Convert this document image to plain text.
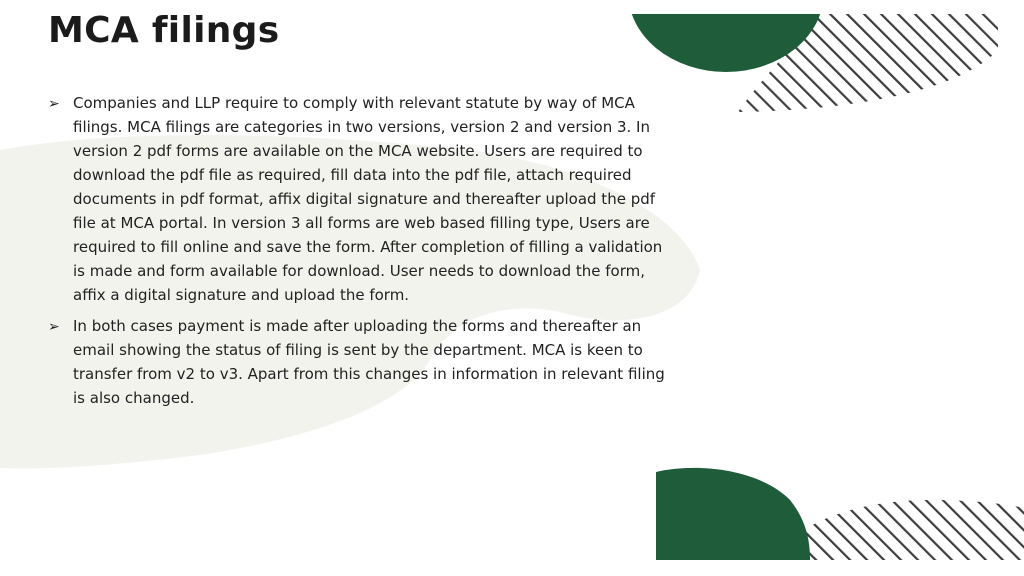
MCA filings
➢ Companies and LLP require to comply with relevant statute by way of MCA filings. MCA filings are categories in two versions, version 2 and version 3. In version 2 pdf forms are available on the MCA website. Users are required to download the pdf file as required, fill data into the pdf file, attach required documents in pdf format, affix digital signature and thereafter upload the pdf file at MCA portal. In version 3 all forms are web based filling type, Users are required to fill online and save the form. After completion of filling a validation is made and form available for download. User needs to download the form, affix a digital signature and upload the form.
➢ In both cases payment is made after uploading the forms and thereafter an email showing the status of filing is sent by the department. MCA is keen to transfer from v2 to v3. Apart from this changes in information in relevant filing is also changed.
